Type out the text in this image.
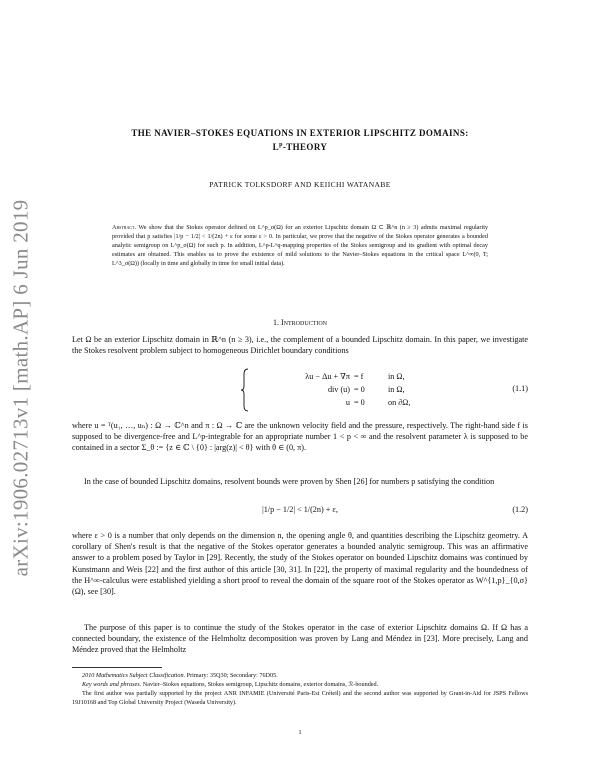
arXiv:1906.02713v1 [math.AP] 6 Jun 2019
THE NAVIER–STOKES EQUATIONS IN EXTERIOR LIPSCHITZ DOMAINS:
$L^p$-THEORY
PATRICK TOLKSDORF AND KEIICHI WATANABE
Abstract. We show that the Stokes operator defined on L^p_σ(Ω) for an exterior Lipschitz domain Ω ⊂ ℝ^n (n ≥ 3) admits maximal regularity provided that p satisfies |1/p − 1/2| < 1/(2n) + ε for some ε > 0. In particular, we prove that the negative of the Stokes operator generates a bounded analytic semigroup on L^p_σ(Ω) for such p. In addition, L^p-L^q-mapping properties of the Stokes semigroup and its gradient with optimal decay estimates are obtained. This enables us to prove the existence of mild solutions to the Navier–Stokes equations in the critical space L^∞(0, T; L^3_σ(Ω)) (locally in time and globally in time for small initial data).
1. Introduction
Let Ω be an exterior Lipschitz domain in ℝ^n (n ≥ 3), i.e., the complement of a bounded Lipschitz domain. In this paper, we investigate the Stokes resolvent problem subject to homogeneous Dirichlet boundary conditions
λu − Δu + ∇π
div (u)
u
= f
= 0
= 0
in Ω,
in Ω,
on ∂Ω,
(1.1)
where u = ᵀ(u₁, …, uₙ) : Ω → ℂ^n and π : Ω → ℂ are the unknown velocity field and the pressure, respectively. The right-hand side f is supposed to be divergence-free and L^p-integrable for an appropriate number 1 < p < ∞ and the resolvent parameter λ is supposed to be contained in a sector Σ_θ := {z ∈ ℂ \ {0} : |arg(z)| < θ} with θ ∈ (0, π).
In the case of bounded Lipschitz domains, resolvent bounds were proven by Shen [26] for numbers p satisfying the condition
|1/p − 1/2| < 1/(2n) + ε,	(1.2)
where ε > 0 is a number that only depends on the dimension n, the opening angle θ, and quantities describing the Lipschitz geometry. A corollary of Shen's result is that the negative of the Stokes operator generates a bounded analytic semigroup. This was an affirmative answer to a problem posed by Taylor in [29]. Recently, the study of the Stokes operator on bounded Lipschitz domains was continued by Kunstmann and Weis [22] and the first author of this article [30, 31]. In [22], the property of maximal regularity and the boundedness of the H^∞-calculus were established yielding a short proof to reveal the domain of the square root of the Stokes operator as W^{1,p}_{0,σ}(Ω), see [30].
The purpose of this paper is to continue the study of the Stokes operator in the case of exterior Lipschitz domains Ω. If Ω has a connected boundary, the existence of the Helmholtz decomposition was proven by Lang and Méndez in [23]. More precisely, Lang and Méndez proved that the Helmholtz
2010 Mathematics Subject Classification. Primary: 35Q30; Secondary: 76D05.
Key words and phrases. Navier–Stokes equations, Stokes semigroup, Lipschitz domains, exterior domains, ℛ-bounded.
The first author was partially supported by the project ANR INFAMIE (Université Paris-Est Créteil) and the second author was supported by Grant-in-Aid for JSPS Fellows 19J10168 and Top Global University Project (Waseda University).
1
